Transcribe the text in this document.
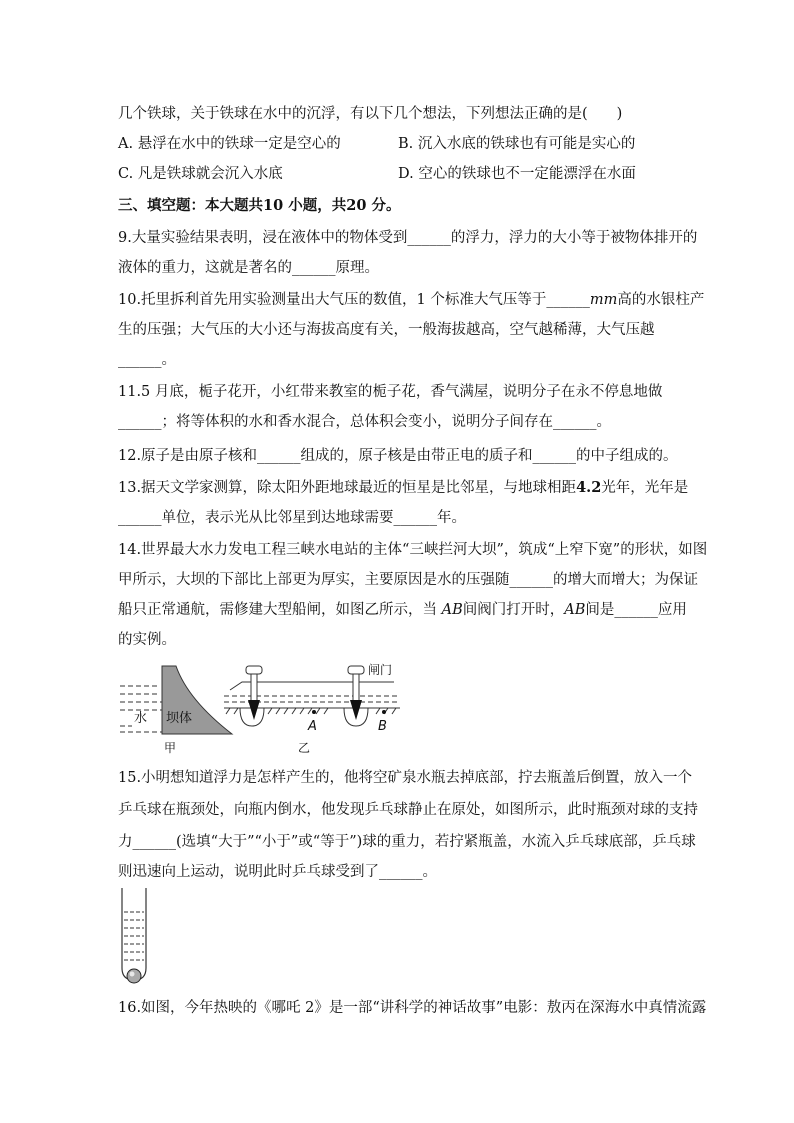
几个铁球，关于铁球在水中的沉浮，有以下几个想法，下列想法正确的是(　　)
A. 悬浮在水中的铁球一定是空心的	B. 沉入水底的铁球也有可能是实心的
C. 凡是铁球就会沉入水底	D. 空心的铁球也不一定能漂浮在水面
三、填空题：本大题共10 小题，共20 分。
9.大量实验结果表明，浸在液体中的物体受到______的浮力，浮力的大小等于被物体排开的
液体的重力，这就是著名的______原理。
10.托里拆利首先用实验测量出大气压的数值，1 个标准大气压等于______mm高的水银柱产
生的压强；大气压的大小还与海拔高度有关，一般海拔越高，空气越稀薄，大气压越
______。
11.5 月底，栀子花开，小红带来教室的栀子花，香气满屋，说明分子在永不停息地做
______；将等体积的水和香水混合，总体积会变小，说明分子间存在______。
12.原子是由原子核和______组成的，原子核是由带正电的质子和______的中子组成的。
13.据天文学家测算，除太阳外距地球最近的恒星是比邻星，与地球相距4.2光年，光年是
______单位，表示光从比邻星到达地球需要______年。
14.世界最大水力发电工程三峡水电站的主体“三峡拦河大坝”，筑成“上窄下宽”的形状，如图
甲所示，大坝的下部比上部更为厚实，主要原因是水的压强随______的增大而增大；为保证
船只正常通航，需修建大型船闸，如图乙所示，当 AB间阀门打开时，AB间是______应用
的实例。
水 坝体
甲
A	B
闸门
乙
15.小明想知道浮力是怎样产生的，他将空矿泉水瓶去掉底部，拧去瓶盖后倒置，放入一个
乒乓球在瓶颈处，向瓶内倒水，他发现乒乓球静止在原处，如图所示，此时瓶颈对球的支持
力______(选填“大于”“小于”或“等于”)球的重力，若拧紧瓶盖，水流入乒乓球底部，乒乓球
则迅速向上运动，说明此时乒乓球受到了______。
16.如图，今年热映的《哪吒 2》是一部“讲科学的神话故事”电影：敖丙在深海水中真情流露
